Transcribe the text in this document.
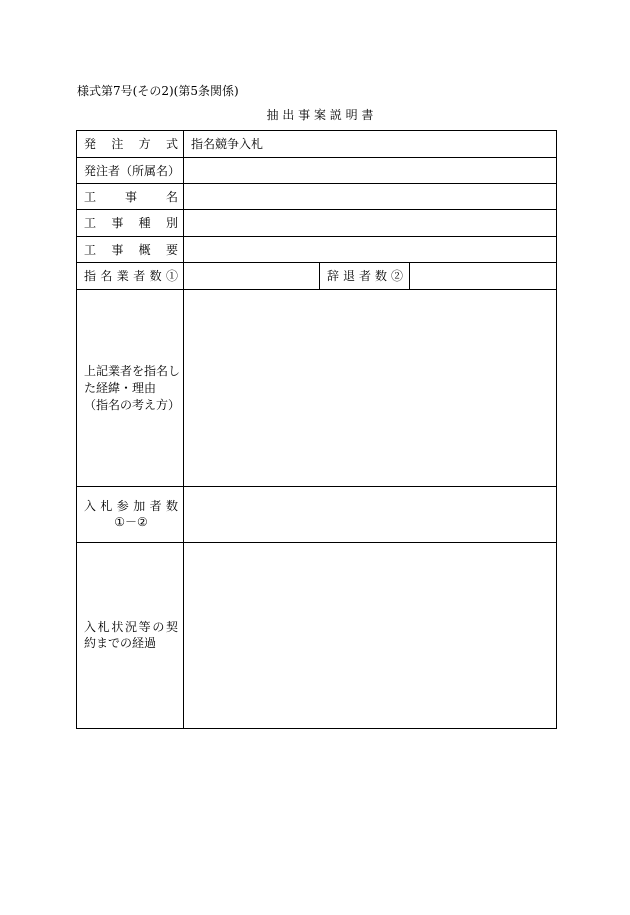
様式第7号(その2)(第5条関係)
抽 出 事 案 説 明 書
発 注 方 式	指名競争入札		

発注者（所属名）			

工 事 名			

工 事 種 別			

工 事 概 要			

指 名 業 者 数 ①		辞 退 者 数 ②	

上記業者を指名し
た経緯・理由
（指名の考え方）			

入 札 参 加 者 数
①－②			

入札状況等の契
約までの経過			
